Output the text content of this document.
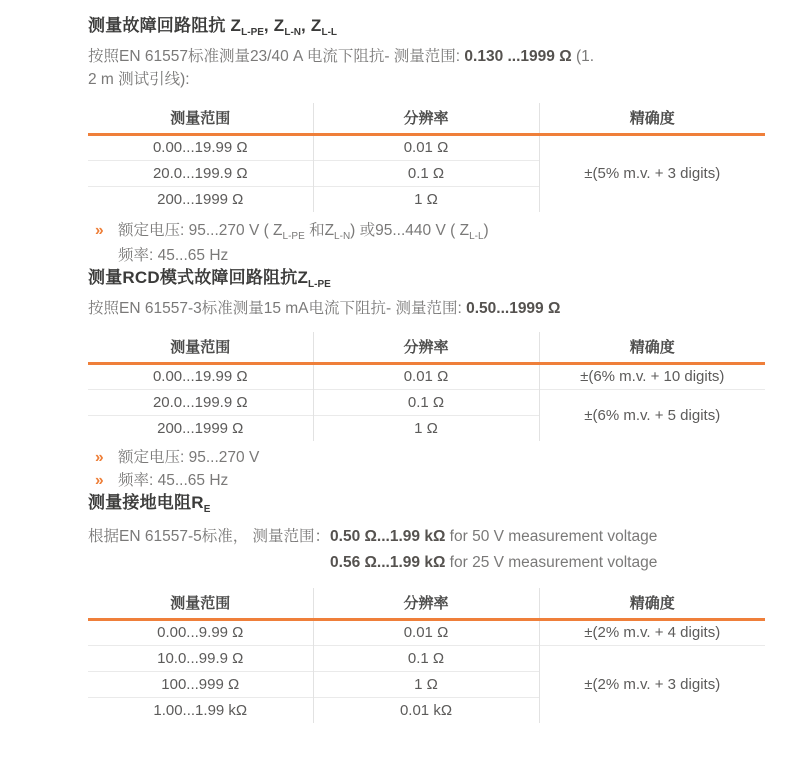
测量故障回路阻抗 $Z_{L-PE}$, $Z_{L-N}$, $Z_{L-L}$

按照EN 61557标准测量23/40 A 电流下阻抗- 测量范围: 0.130 ...1999 Ω (1.
2 m 测试引线):

测量范围	分辨率	精确度
0.00...19.99 Ω	0.01 Ω	±(5% m.v. + 3 digits)
20.0...199.9 Ω	0.1 Ω	
200...1999 Ω	1 Ω	
» 额定电压: 95...270 V ( $Z_{L-PE}$ 和$Z_{L-N}$) 或95...440 V ( $Z_{L-L}$)
频率: 45...65 Hz
测量RCD模式故障回路阻抗$Z_{L-PE}$

按照EN 61557-3标准测量15 mA电流下阻抗- 测量范围: 0.50...1999 Ω

测量范围	分辨率	精确度
0.00...19.99 Ω	0.01 Ω	±(6% m.v. + 10 digits)
20.0...199.9 Ω	0.1 Ω	±(6% m.v. + 5 digits)
200...1999 Ω	1 Ω	
» 额定电压: 95...270 V
» 频率: 45...65 Hz
测量接地电阻$R_E$
根据EN 61557-5标准， 测量范围： 0.50 Ω...1.99 kΩ for 50 V measurement voltage
0.56 Ω...1.99 kΩ for 25 V measurement voltage
测量范围	分辨率	精确度
0.00...9.99 Ω	0.01 Ω	±(2% m.v. + 4 digits)
10.0...99.9 Ω	0.1 Ω	±(2% m.v. + 3 digits)
100...999 Ω	1 Ω	
1.00...1.99 kΩ	0.01 kΩ	
